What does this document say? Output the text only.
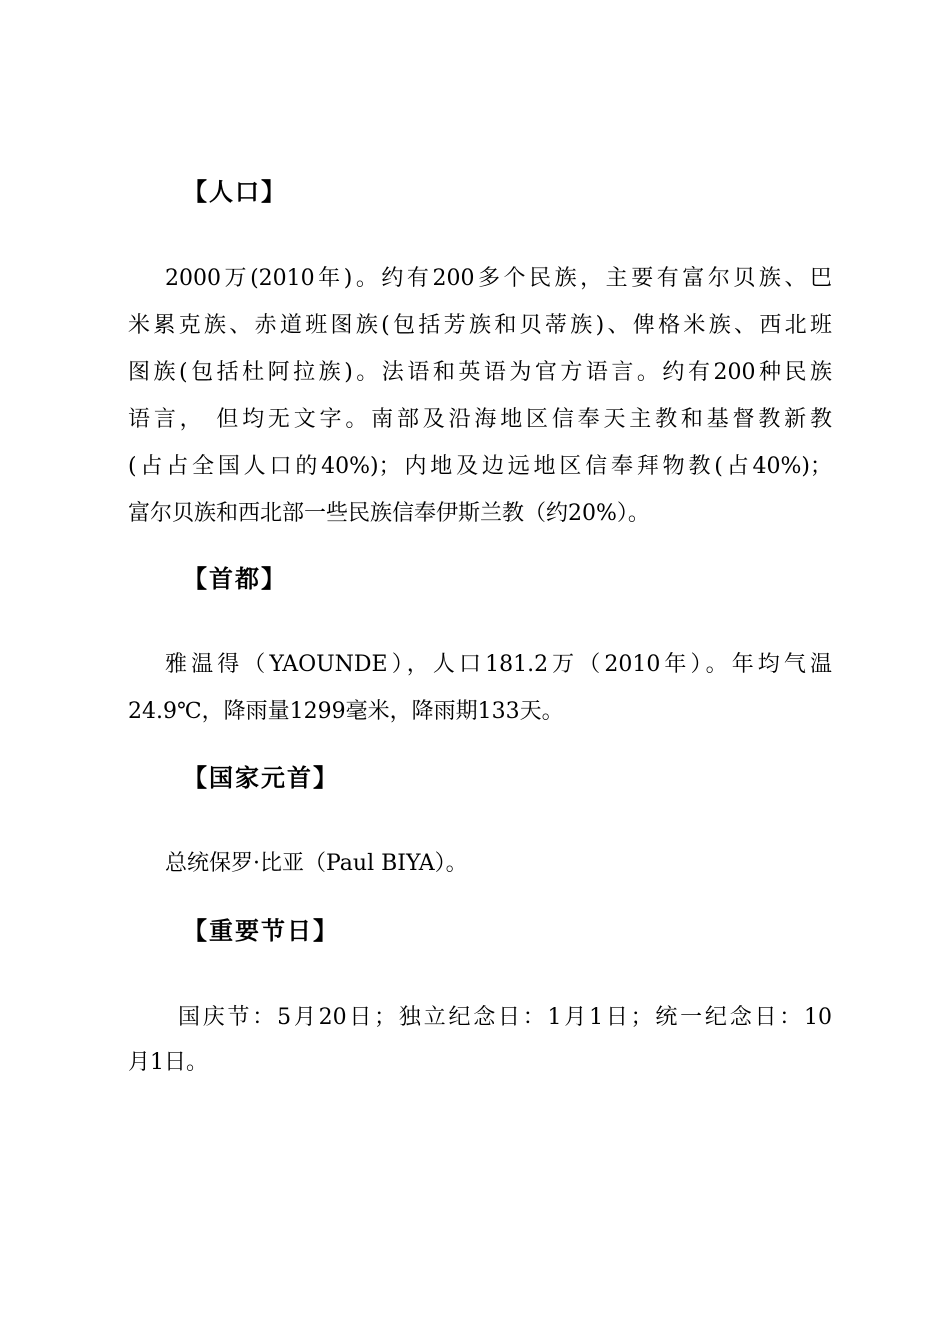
【人口】
2000万(2010年)。约有200多个民族，主要有富尔贝族、巴
米累克族、赤道班图族(包括芳族和贝蒂族)、俾格米族、西北班
图族(包括杜阿拉族)。法语和英语为官方语言。约有200种民族
语言， 但均无文字。南部及沿海地区信奉天主教和基督教新教
(占占全国人口的40%)；内地及边远地区信奉拜物教(占40%)；
富尔贝族和西北部一些民族信奉伊斯兰教（约20%）。
【首都】
雅温得（YAOUNDE），人口181.2万（2010年）。年均气温
24.9℃，降雨量1299毫米，降雨期133天。
【国家元首】
总统保罗·比亚（Paul BIYA）。
【重要节日】
国庆节：5月20日；独立纪念日：1月1日；统一纪念日：10
月1日。
